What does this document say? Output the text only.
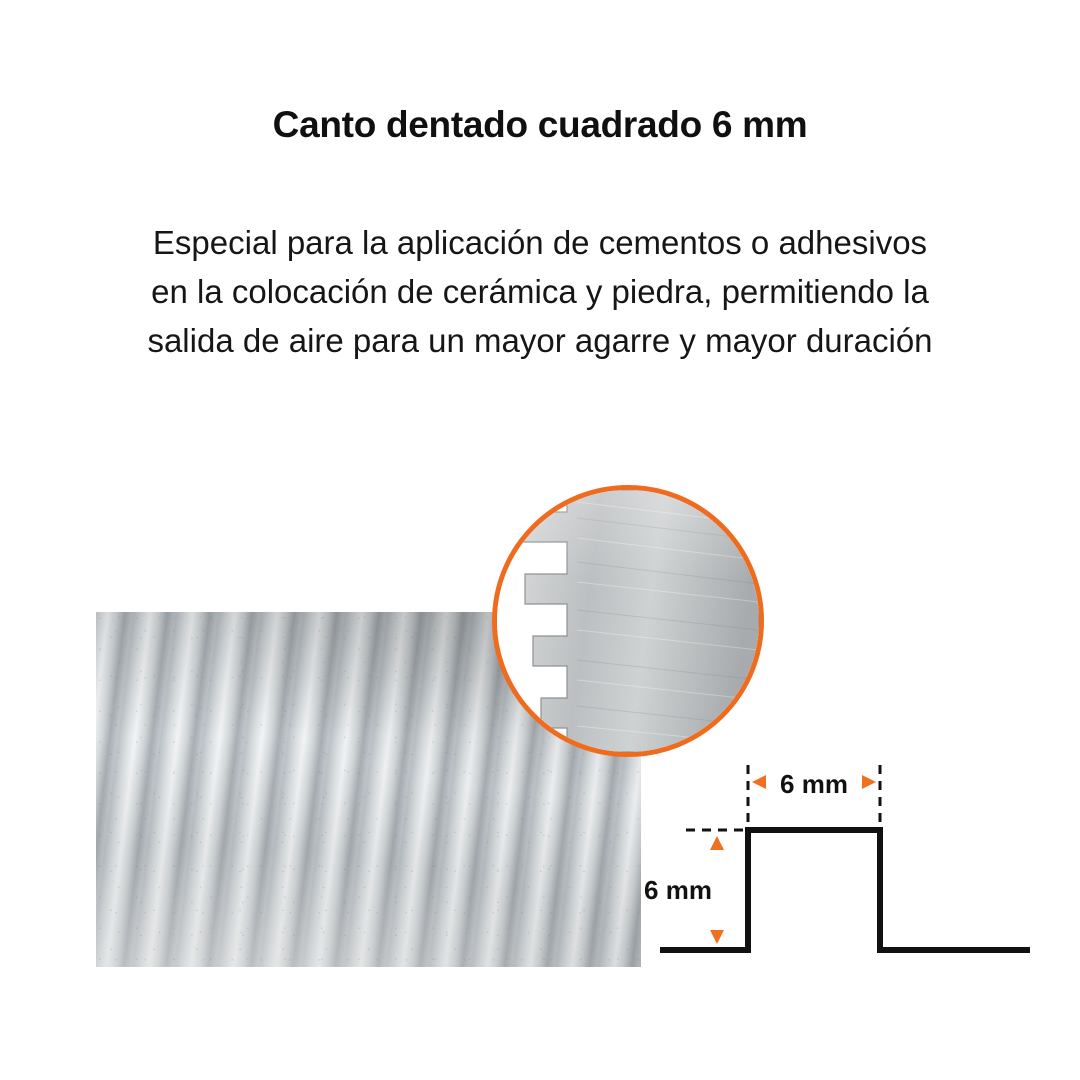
Canto dentado cuadrado 6 mm
Especial para la aplicación de cementos o adhesivos
en la colocación de cerámica y piedra, permitiendo la
salida de aire para un mayor agarre y mayor duración
6 mm
6 mm
